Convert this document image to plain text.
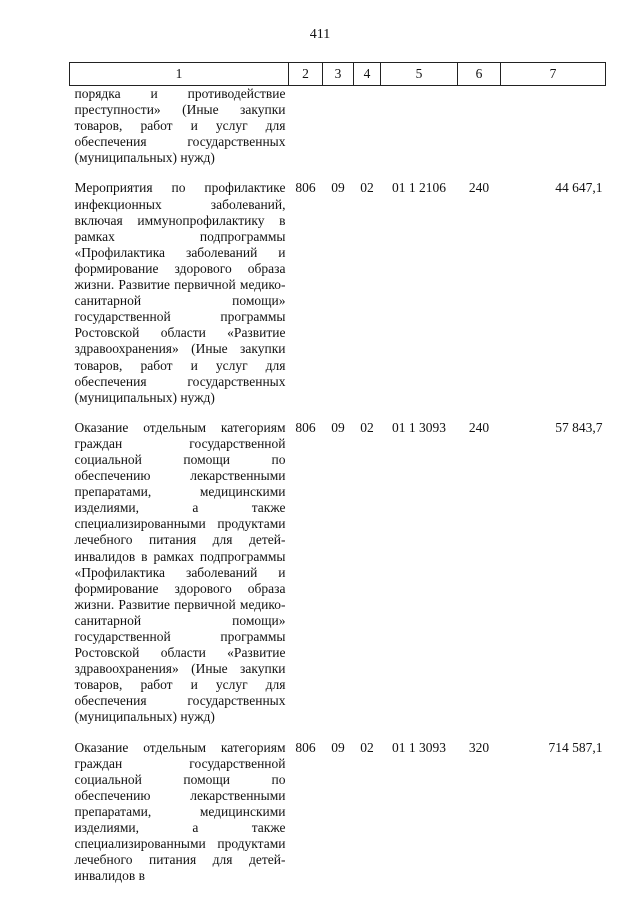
411
1	2	3	4	5	6	7
порядка и противодействие преступности» (Иные закупки товаров, работ и услуг для обеспечения государственных (муниципальных) нужд)						
Мероприятия по профилактике инфекционных заболеваний, включая иммунопрофилактику в рамках подпрограммы «Профилактика заболеваний и формирование здорового образа жизни. Развитие первичной медико-санитарной помощи» государственной программы Ростовской области «Развитие здравоохранения» (Иные закупки товаров, работ и услуг для обеспечения государственных (муниципальных) нужд)	806	09	02	01 1 2106	240	44 647,1
Оказание отдельным категориям граждан государственной социальной помощи по обеспечению лекарственными препаратами, медицинскими изделиями, а также специализированными продуктами лечебного питания для детей-инвалидов в рамках подпрограммы «Профилактика заболеваний и формирование здорового образа жизни. Развитие первичной медико-санитарной помощи» государственной программы Ростовской области «Развитие здравоохранения» (Иные закупки товаров, работ и услуг для обеспечения государственных (муниципальных) нужд)	806	09	02	01 1 3093	240	57 843,7
Оказание отдельным категориям граждан государственной социальной помощи по обеспечению лекарственными препаратами, медицинскими изделиями, а также специализированными продуктами лечебного питания для детей-инвалидов в	806	09	02	01 1 3093	320	714 587,1
